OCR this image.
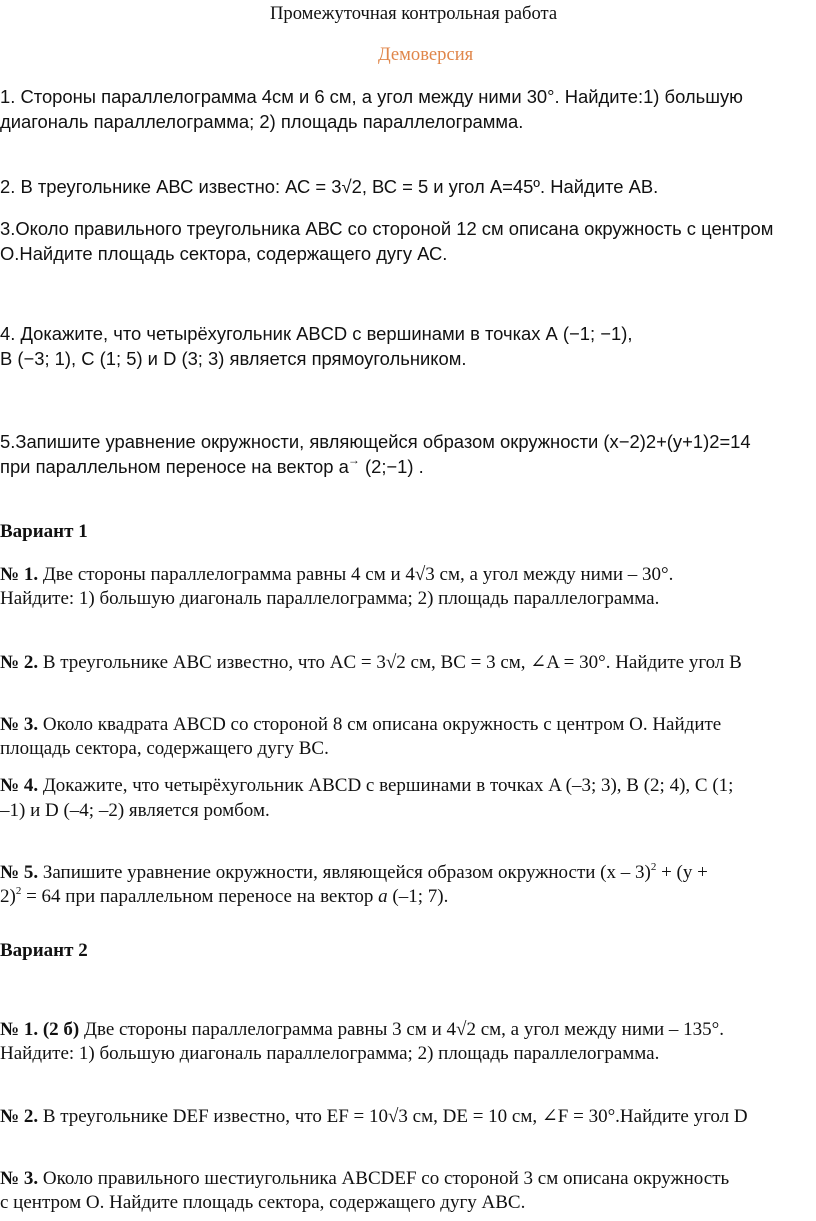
Промежуточная контрольная работа
Демоверсия
1. Стороны параллелограмма 4см и 6 см, а угол между ними 30°. Найдите:1) большую
диагональ параллелограмма; 2) площадь параллелограмма.
2. В треугольнике АВС известно: АС = 3√2, ВС = 5 и угол А=45º. Найдите АВ.
3.Около правильного треугольника АВС со стороной 12 см описана окружность с центром
О.Найдите площадь сектора, содержащего дугу АС.
4. Докажите, что четырёхугольник ABCD с вершинами в точках А (−1; −1),
В (−3; 1), С (1; 5) и D (3; 3) является прямоугольником.
5.Запишите уравнение окружности, являющейся образом окружности (x−2)2+(y+1)2=14
при параллельном переносе на вектор a→ (2;−1) .
Вариант 1
№ 1. Две стороны параллелограмма равны 4 см и 4√3 см, а угол между ними – 30°.
Найдите: 1) большую диагональ параллелограмма; 2) площадь параллелограмма.
№ 2. В треугольнике ABC известно, что AC = 3√2 см, BC = 3 см, ∠A = 30°. Найдите угол B
№ 3. Около квадрата ABCD со стороной 8 см описана окружность с центром О. Найдите
площадь сектора, содержащего дугу BC.
№ 4. Докажите, что четырёхугольник ABCD с вершинами в точках A (–3; 3), B (2; 4), C (1;
–1) и D (–4; –2) является ромбом.
№ 5. Запишите уравнение окружности, являющейся образом окружности (x – 3)$^2$ + (y +
2)$^2$ = 64 при параллельном переносе на вектор a (–1; 7).
Вариант 2
№ 1. (2 б) Две стороны параллелограмма равны 3 см и 4√2 см, а угол между ними – 135°.
Найдите: 1) большую диагональ параллелограмма; 2) площадь параллелограмма.
№ 2. В треугольнике DEF известно, что EF = 10√3 см, DE = 10 см, ∠F = 30°.Найдите угол D
№ 3. Около правильного шестиугольника ABCDEF со стороной 3 см описана окружность
с центром О. Найдите площадь сектора, содержащего дугу ABC.
